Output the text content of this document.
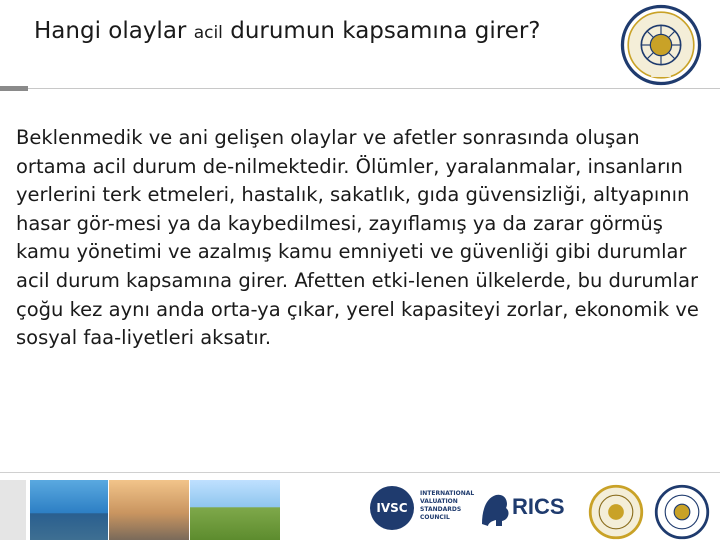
Hangi olaylar acil durumun kapsamına girer?
Beklenmedik ve ani gelişen olaylar ve afetler sonrasında oluşan ortama acil durum de-nilmektedir. Ölümler, yaralanmalar, insanların yerlerini terk etmeleri, hastalık, sakatlık, gıda güvensizliği, altyapının hasar gör-mesi ya da kaybedilmesi, zayıflamış ya da zarar görmüş kamu yönetimi ve azalmış kamu emniyeti ve güvenliği gibi durumlar acil durum kapsamına girer. Afetten etki-lenen ülkelerde, bu durumlar çoğu kez aynı anda orta-ya çıkar, yerel kapasiteyi zorlar, ekonomik ve sosyal faa-liyetleri aksatır.
IVSC
INTERNATIONAL VALUATION STANDARDS COUNCIL	RICS
